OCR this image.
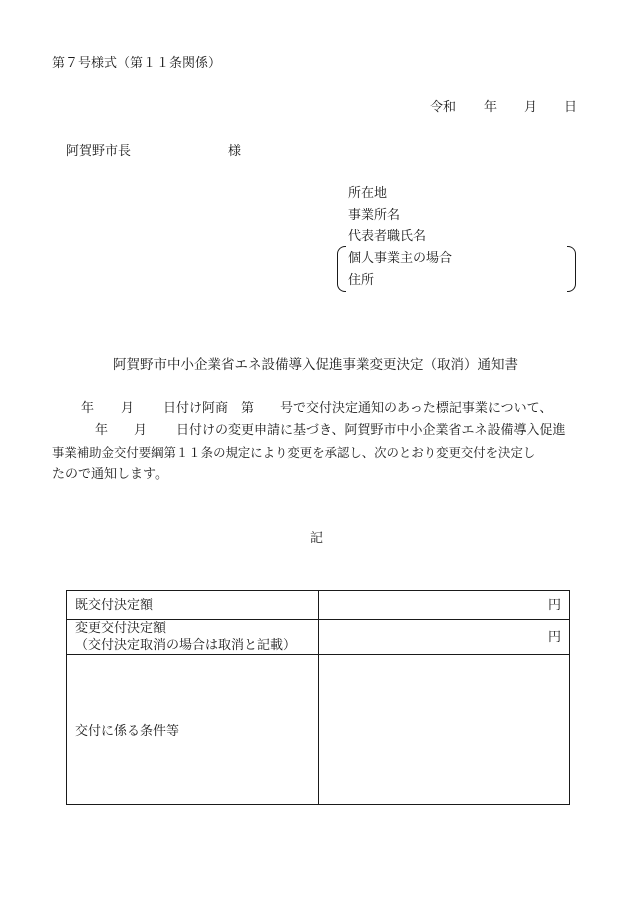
第７号様式（第１１条関係）
令和 年 月 日
阿賀野市長	様
所在地
事業所名
代表者職氏名
個人事業主の場合
住所
阿賀野市中小企業省エネ設備導入促進事業変更決定（取消）通知書
年 月 日付け阿商　第　　号で交付決定通知のあった標記事業について、
年 月 日付けの変更申請に基づき、阿賀野市中小企業省エネ設備導入促進
事業補助金交付要綱第１１条の規定により変更を承認し、次のとおり変更交付を決定し
たので通知します。
記
既交付決定額	円

変更交付決定額
（交付決定取消の場合は取消と記載）	円
交付に係る条件等	
